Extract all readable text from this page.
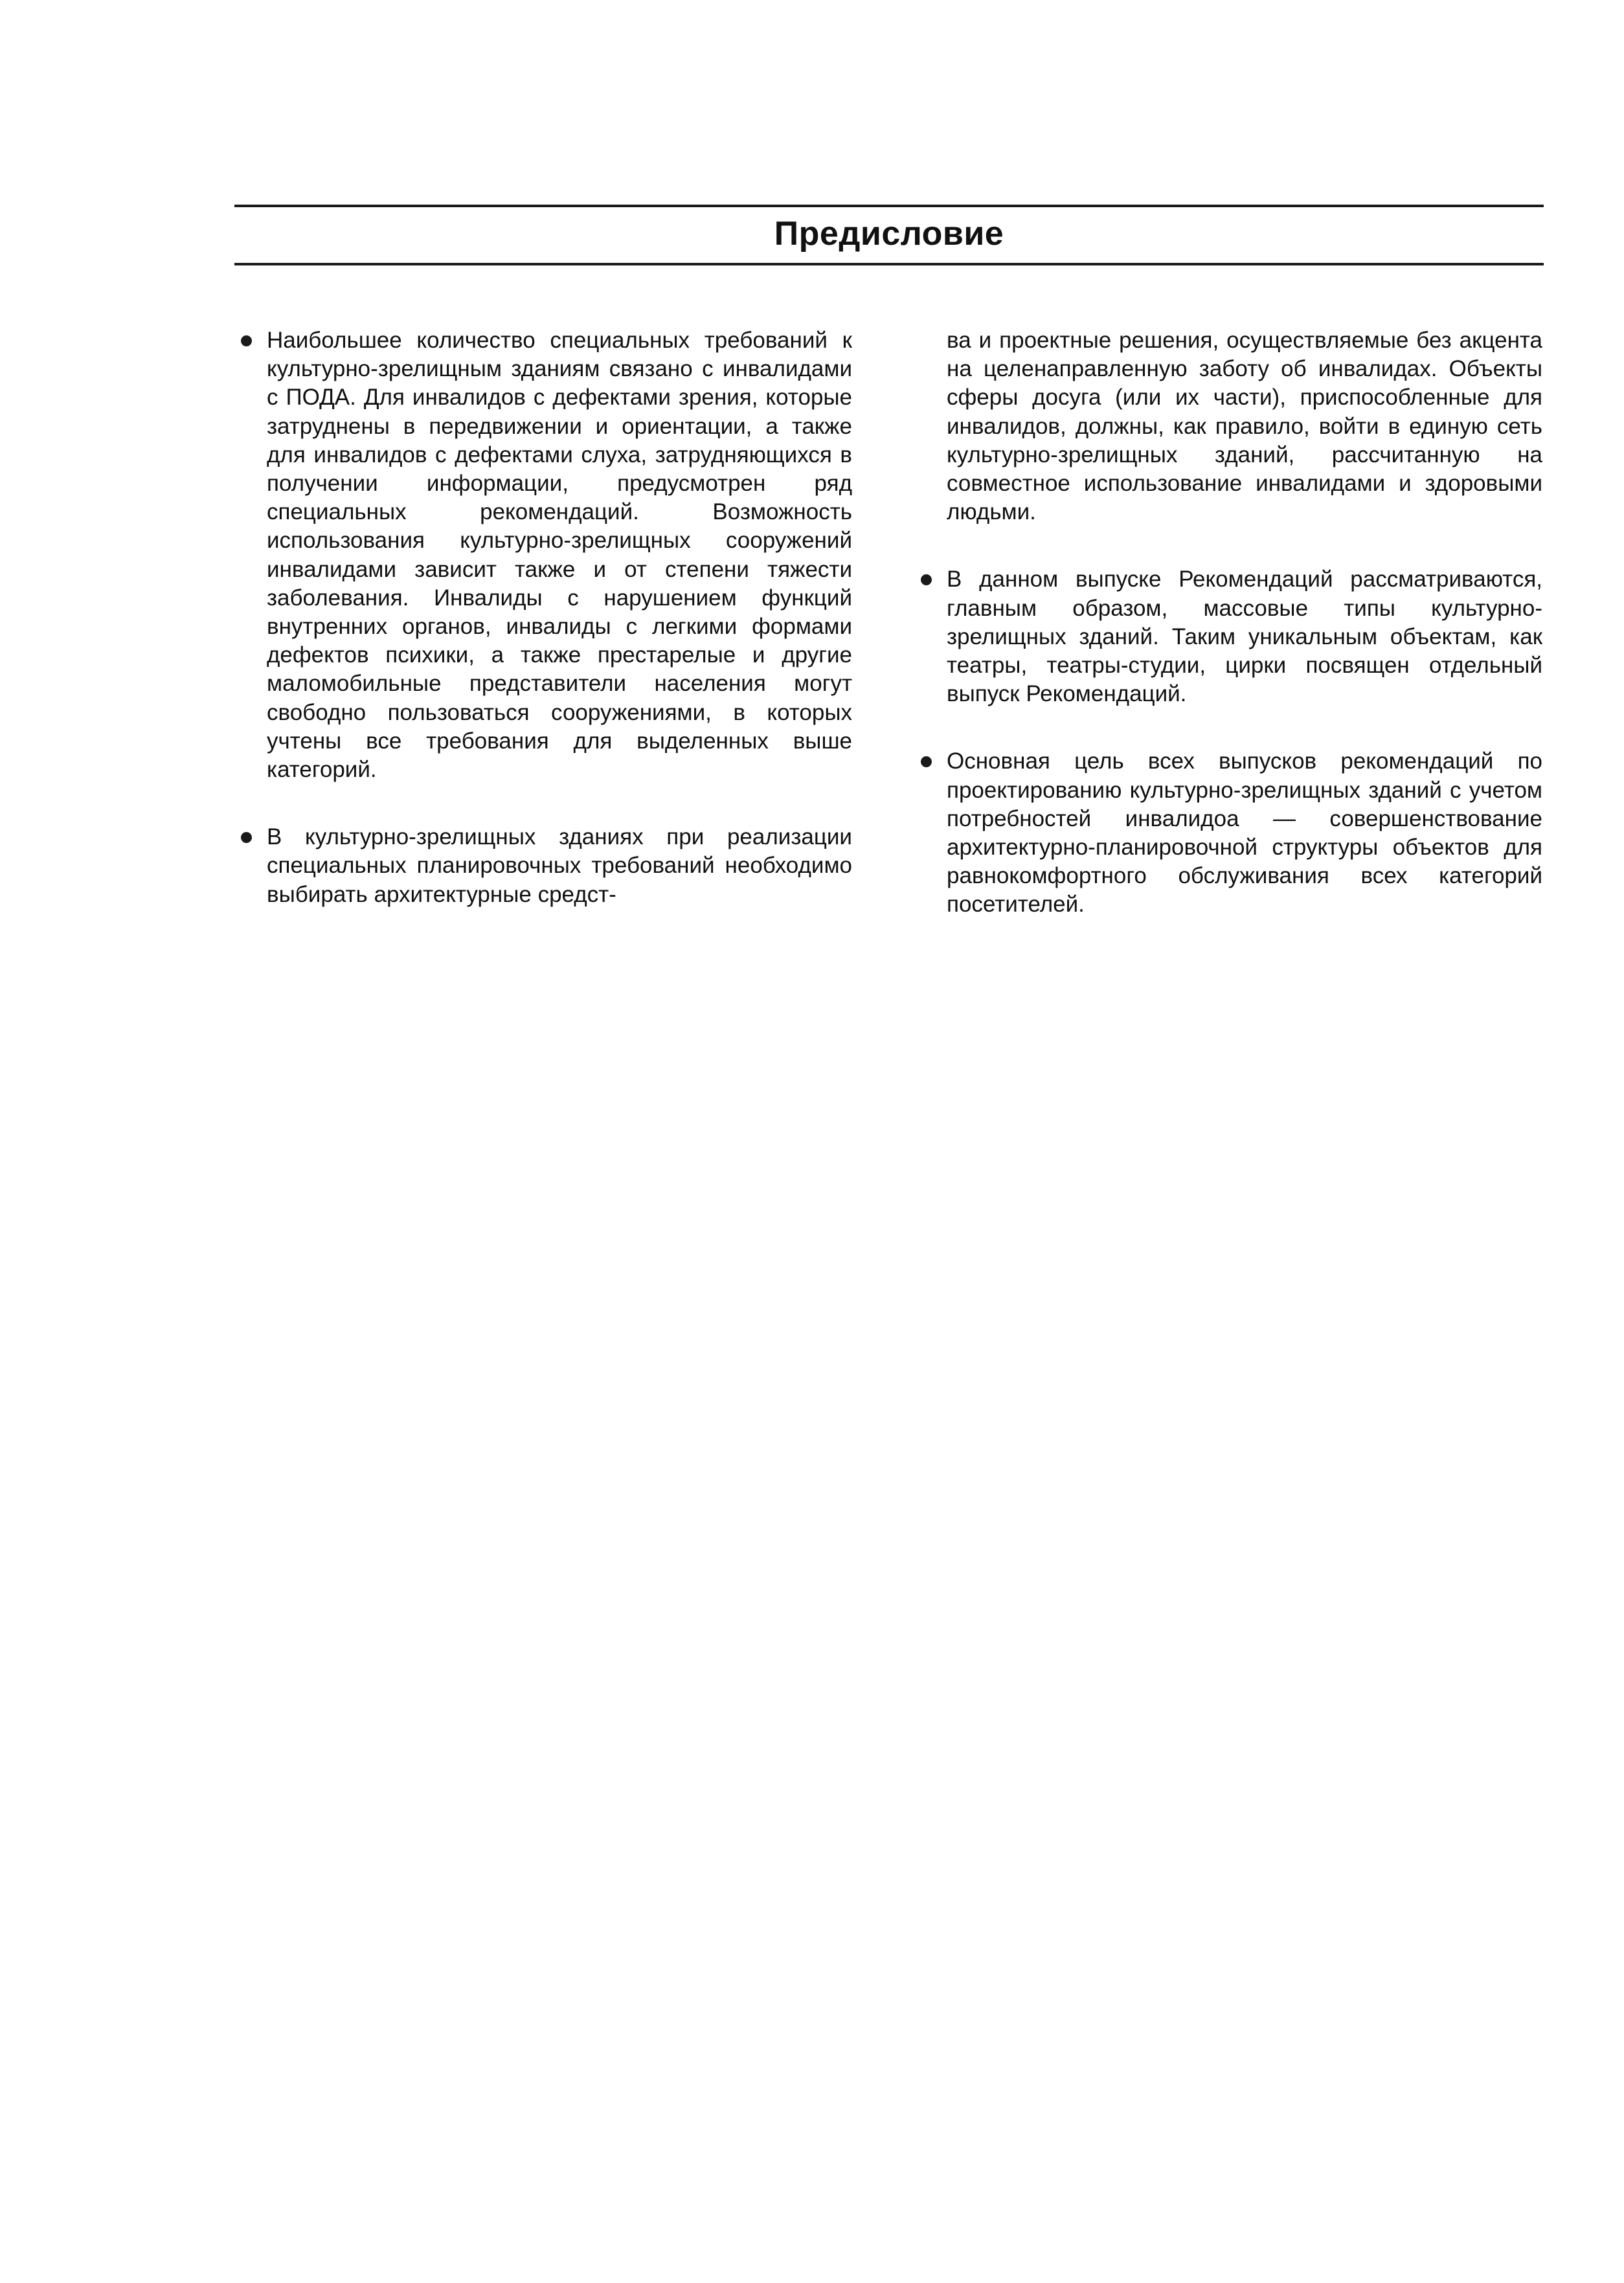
Предисловие

Наибольшее количество специальных требований к культурно-зрелищным зданиям связано с инвалидами с ПОДА. Для инвалидов с дефектами зрения, которые затруднены в передвижении и ориентации, а также для инвалидов с дефектами слуха, затрудняющихся в получении информации, предусмотрен ряд специальных рекомендаций. Возможность использования культурно-зрелищных сооружений инвалидами зависит также и от степени тяжести заболевания. Инвалиды с нарушением функций внутренних органов, инвалиды с легкими формами дефектов психики, а также престарелые и другие маломобильные представители населения могут свободно пользоваться сооружениями, в которых учтены все требования для выделенных выше категорий.

В культурно-зрелищных зданиях при реализации специальных планировочных требований необходимо выбирать архитектурные средст-

ва и проектные решения, осуществляемые без акцента на целенаправленную заботу об инвалидах. Объекты сферы досуга (или их части), приспособленные для инвалидов, должны, как правило, войти в единую сеть культурно-зрелищных зданий, рассчитанную на совместное использование инвалидами и здоровыми людьми.

В данном выпуске Рекомендаций рассматриваются, главным образом, массовые типы культурно-зрелищных зданий. Таким уникальным объектам, как театры, театры-студии, цирки посвящен отдельный выпуск Рекомендаций.

Основная цель всех выпусков рекомендаций по проектированию культурно-зрелищных зданий с учетом потребностей инвалидоа — совершенствование архитектурно-планировочной структуры объектов для равнокомфортного обслуживания всех категорий посетителей.
